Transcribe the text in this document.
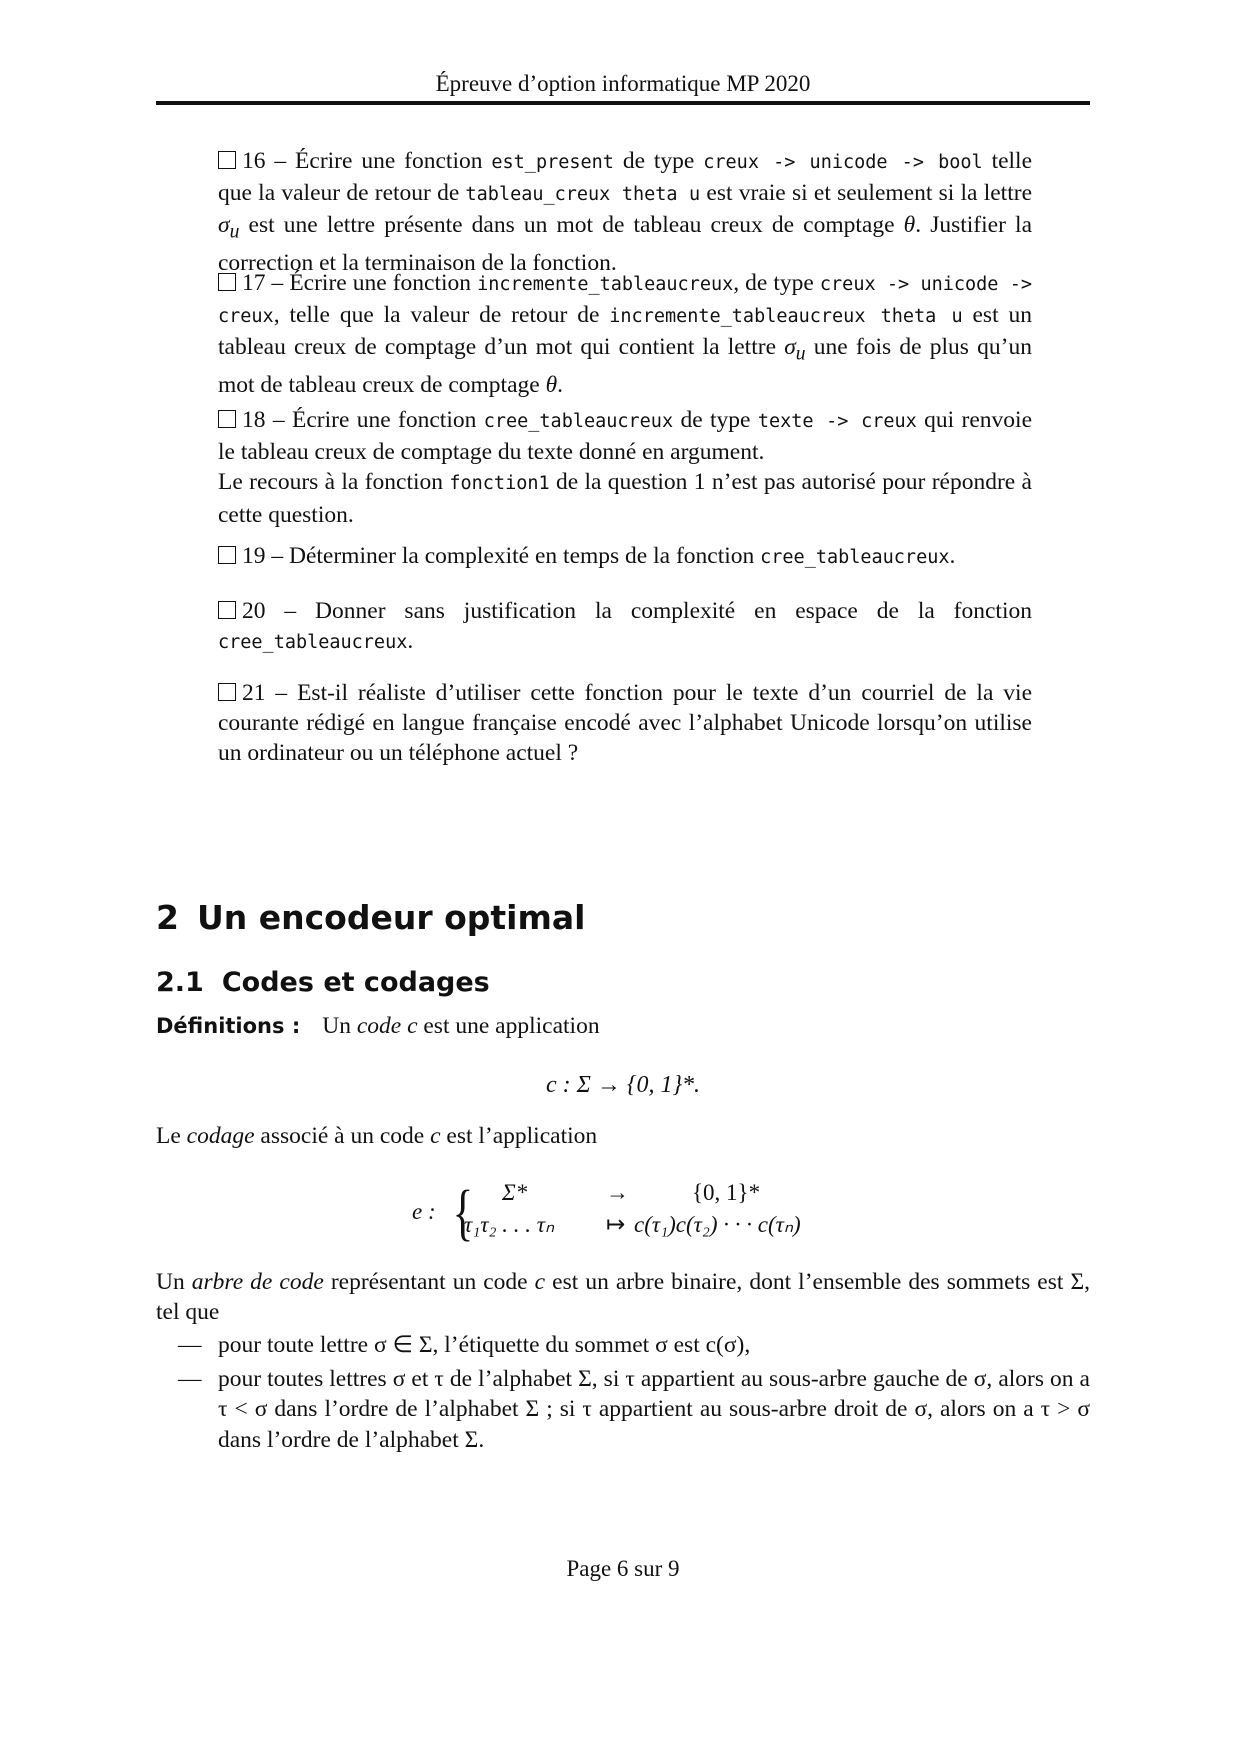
Épreuve d’option informatique MP 2020

16 – Écrire une fonction est_present de type creux -> unicode -> bool telle que la valeur de retour de tableau_creux theta u est vraie si et seulement si la lettre $\sigma_u$ est une lettre présente dans un mot de tableau creux de comptage θ. Justifier la correction et la terminaison de la fonction.

17 – Écrire une fonction incremente_tableaucreux, de type creux -> unicode -> creux, telle que la valeur de retour de incremente_tableaucreux theta u est un tableau creux de comptage d’un mot qui contient la lettre $\sigma_u$ une fois de plus qu’un mot de tableau creux de comptage θ.

18 – Écrire une fonction cree_tableaucreux de type texte -> creux qui renvoie le tableau creux de comptage du texte donné en argument.
Le recours à la fonction fonction1 de la question 1 n’est pas autorisé pour répondre à cette question.

19 – Déterminer la complexité en temps de la fonction cree_tableaucreux.

20 – Donner sans justification la complexité en espace de la fonction cree_tableaucreux.

21 – Est-il réaliste d’utiliser cette fonction pour le texte d’un courriel de la vie courante rédigé en langue française encodé avec l’alphabet Unicode lorsqu’on utilise un ordinateur ou un téléphone actuel ?

2 Un encodeur optimal
2.1 Codes et codages
Définitions : Un code c est une application
c : Σ → {0, 1}*.
Le codage associé à un code c est l’application
e : { Σ*	→	{0, 1}*
τ₁τ₂ . . . τₙ ↦ c(τ₁)c(τ₂) · · · c(τₙ)
Un arbre de code représentant un code c est un arbre binaire, dont l’ensemble des sommets est Σ, tel que
— pour toute lettre σ ∈ Σ, l’étiquette du sommet σ est c(σ),
— pour toutes lettres σ et τ de l’alphabet Σ, si τ appartient au sous-arbre gauche de σ, alors on a τ < σ dans l’ordre de l’alphabet Σ ; si τ appartient au sous-arbre droit de σ, alors on a τ > σ dans l’ordre de l’alphabet Σ.
Page 6 sur 9
